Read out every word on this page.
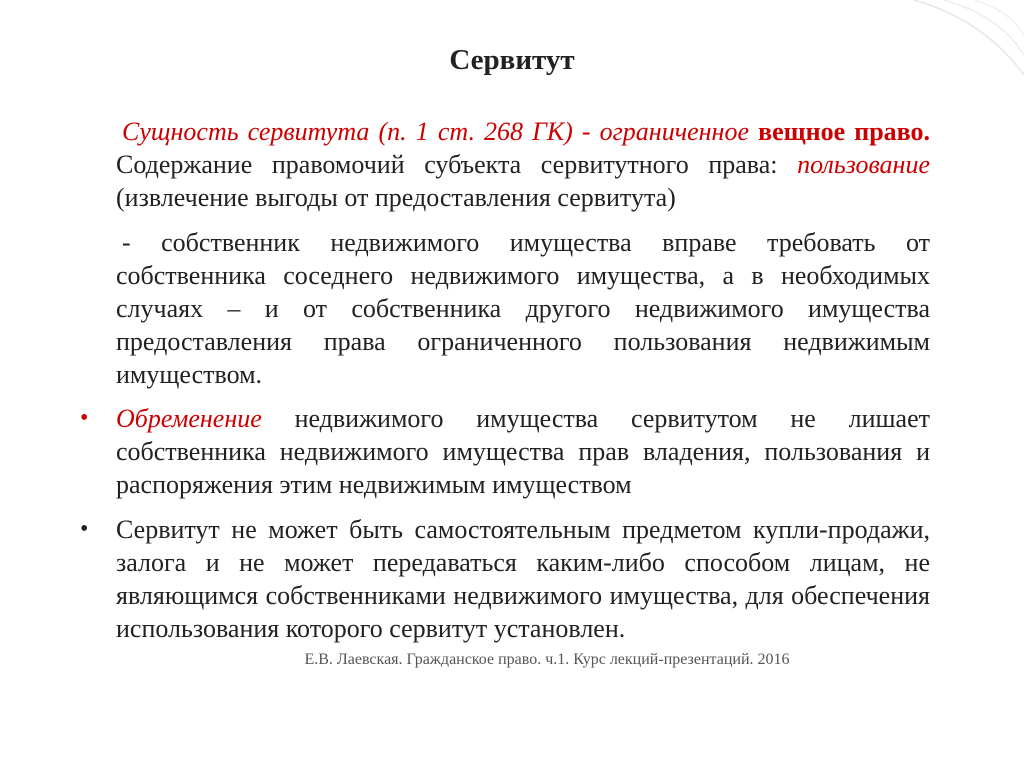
Сервитут
Сущность сервитута (п. 1 ст. 268 ГК) - ограниченное вещное право. Содержание правомочий субъекта сервитутного права: пользование (извлечение выгоды от предоставления сервитута)
- собственник недвижимого имущества вправе требовать от собственника соседнего недвижимого имущества, а в необходимых случаях – и от собственника другого недвижимого имущества предоставления права ограниченного пользования недвижимым имуществом.
• Обременение недвижимого имущества сервитутом не лишает собственника недвижимого имущества прав владения, пользования и распоряжения этим недвижимым имуществом
• Сервитут не может быть самостоятельным предметом купли-продажи, залога и не может передаваться каким-либо способом лицам, не являющимся собственниками недвижимого имущества, для обеспечения использования которого сервитут установлен.
Е.В. Лаевская. Гражданское право. ч.1. Курс лекций-презентаций. 2016
